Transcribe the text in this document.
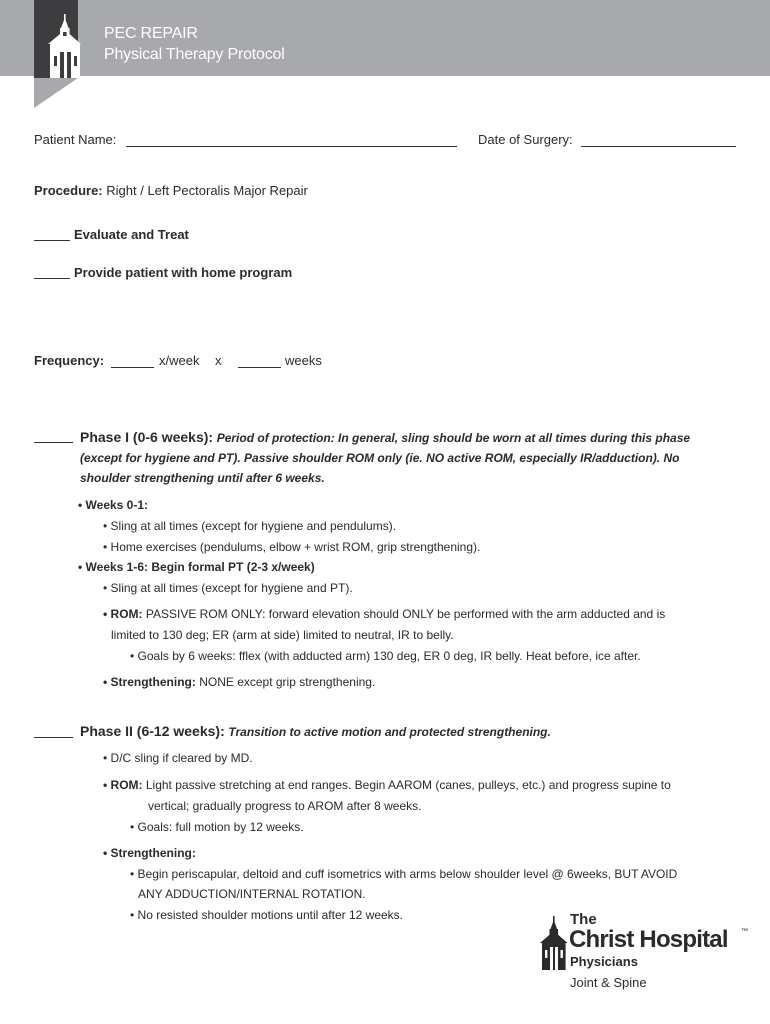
PEC REPAIR
Physical Therapy Protocol
Patient Name:	Date of Surgery:
Procedure: Right / Left Pectoralis Major Repair
Evaluate and Treat
Provide patient with home program
Frequency:	x/week x	weeks
Phase I (0-6 weeks): Period of protection: In general, sling should be worn at all times during this phase
(except for hygiene and PT). Passive shoulder ROM only (ie. NO active ROM, especially IR/adduction). No
shoulder strengthening until after 6 weeks.
• Weeks 0-1:
• Sling at all times (except for hygiene and pendulums).
• Home exercises (pendulums, elbow + wrist ROM, grip strengthening).
• Weeks 1-6: Begin formal PT (2-3 x/week)
• Sling at all times (except for hygiene and PT).
• ROM: PASSIVE ROM ONLY: forward elevation should ONLY be performed with the arm adducted and is
limited to 130 deg; ER (arm at side) limited to neutral, IR to belly.
• Goals by 6 weeks: fflex (with adducted arm) 130 deg, ER 0 deg, IR belly. Heat before, ice after.
• Strengthening: NONE except grip strengthening.
Phase II (6-12 weeks): Transition to active motion and protected strengthening.
• D/C sling if cleared by MD.
• ROM: Light passive stretching at end ranges. Begin AAROM (canes, pulleys, etc.) and progress supine to
vertical; gradually progress to AROM after 8 weeks.
• Goals: full motion by 12 weeks.
• Strengthening:
• Begin periscapular, deltoid and cuff isometrics with arms below shoulder level @ 6weeks, BUT AVOID
ANY ADDUCTION/INTERNAL ROTATION.
• No resisted shoulder motions until after 12 weeks.	The
Christ Hospital ™
Physicians
Joint & Spine
